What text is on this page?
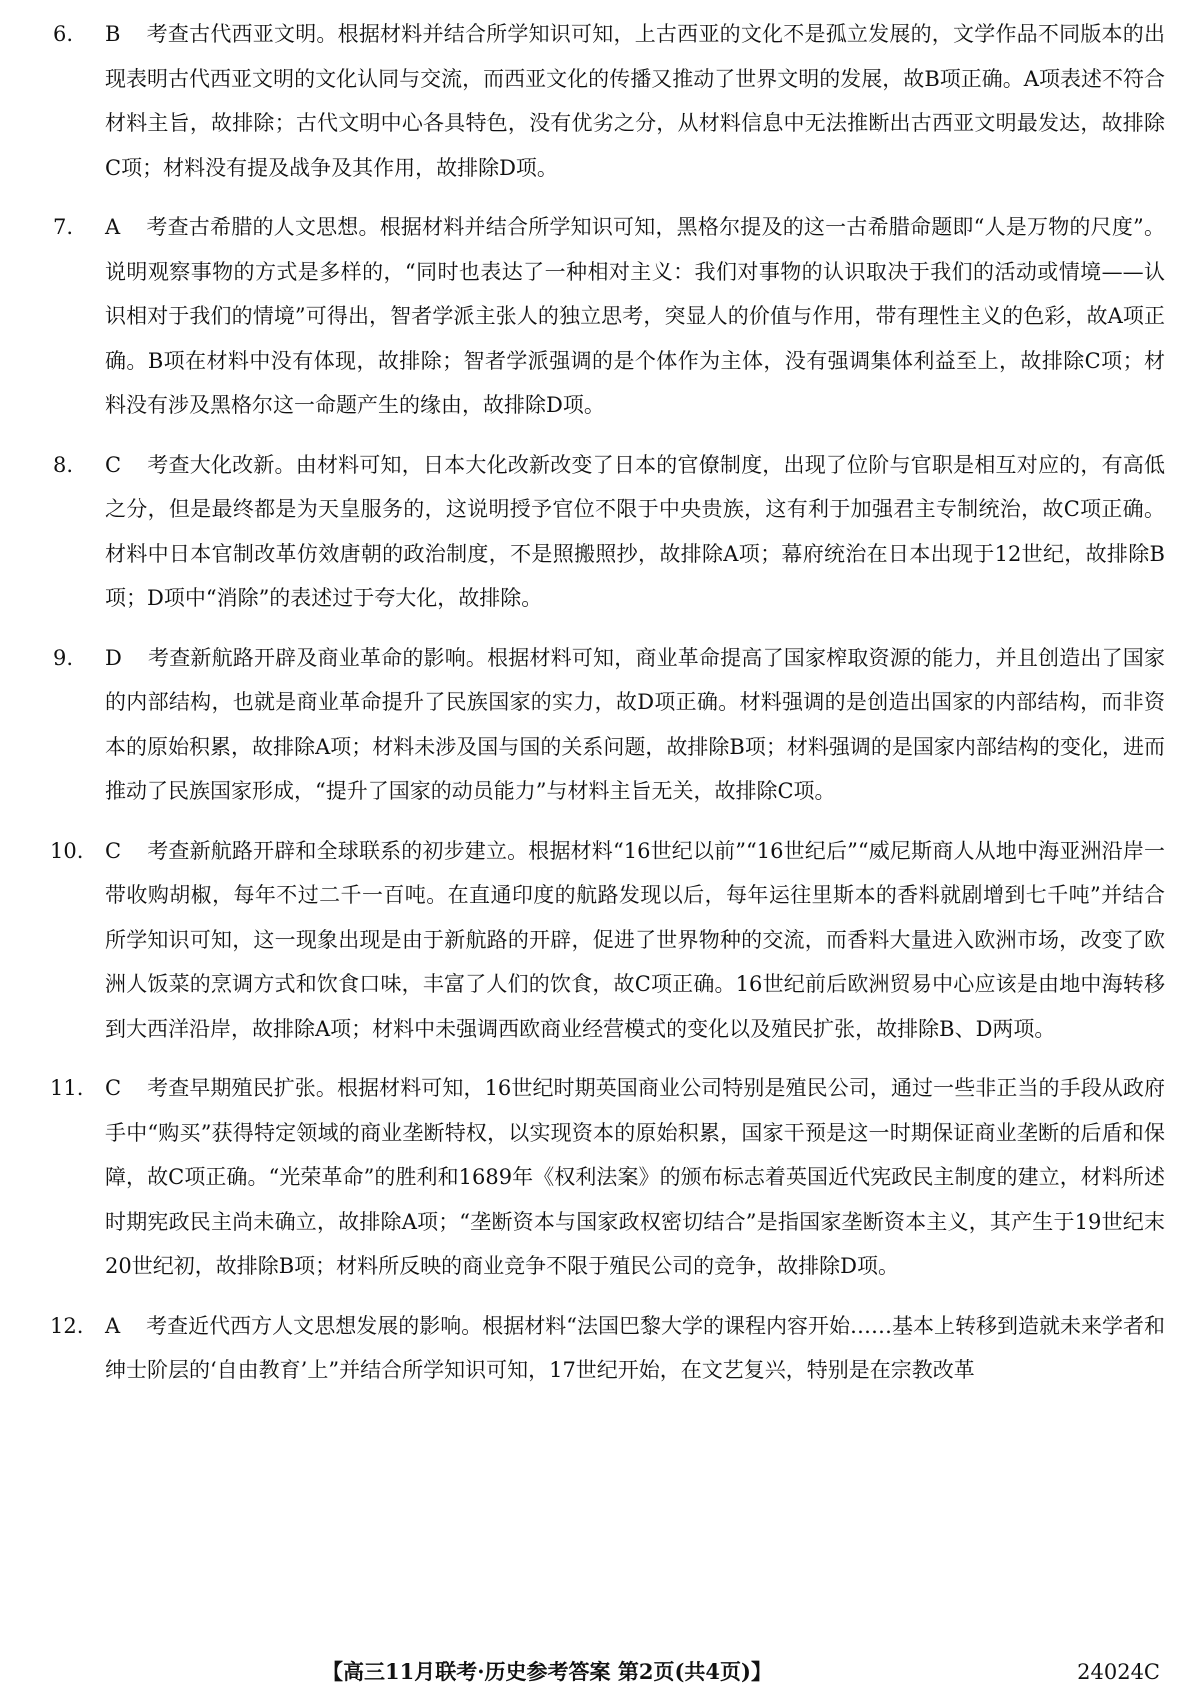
6. B 考查古代西亚文明。根据材料并结合所学知识可知，上古西亚的文化不是孤立发展的，文学作品不同版本的出现表明古代西亚文明的文化认同与交流，而西亚文化的传播又推动了世界文明的发展，故B项正确。A项表述不符合材料主旨，故排除；古代文明中心各具特色，没有优劣之分，从材料信息中无法推断出古西亚文明最发达，故排除C项；材料没有提及战争及其作用，故排除D项。
7. A 考查古希腊的人文思想。根据材料并结合所学知识可知，黑格尔提及的这一古希腊命题即“人是万物的尺度”。说明观察事物的方式是多样的，“同时也表达了一种相对主义：我们对事物的认识取决于我们的活动或情境——认识相对于我们的情境”可得出，智者学派主张人的独立思考，突显人的价值与作用，带有理性主义的色彩，故A项正确。B项在材料中没有体现，故排除；智者学派强调的是个体作为主体，没有强调集体利益至上，故排除C项；材料没有涉及黑格尔这一命题产生的缘由，故排除D项。
8. C 考查大化改新。由材料可知，日本大化改新改变了日本的官僚制度，出现了位阶与官职是相互对应的，有高低之分，但是最终都是为天皇服务的，这说明授予官位不限于中央贵族，这有利于加强君主专制统治，故C项正确。材料中日本官制改革仿效唐朝的政治制度，不是照搬照抄，故排除A项；幕府统治在日本出现于12世纪，故排除B项；D项中“消除”的表述过于夸大化，故排除。
9. D 考查新航路开辟及商业革命的影响。根据材料可知，商业革命提高了国家榨取资源的能力，并且创造出了国家的内部结构，也就是商业革命提升了民族国家的实力，故D项正确。材料强调的是创造出国家的内部结构，而非资本的原始积累，故排除A项；材料未涉及国与国的关系问题，故排除B项；材料强调的是国家内部结构的变化，进而推动了民族国家形成，“提升了国家的动员能力”与材料主旨无关，故排除C项。
10. C 考查新航路开辟和全球联系的初步建立。根据材料“16世纪以前”“16世纪后”“威尼斯商人从地中海亚洲沿岸一带收购胡椒，每年不过二千一百吨。在直通印度的航路发现以后，每年运往里斯本的香料就剧增到七千吨”并结合所学知识可知，这一现象出现是由于新航路的开辟，促进了世界物种的交流，而香料大量进入欧洲市场，改变了欧洲人饭菜的烹调方式和饮食口味，丰富了人们的饮食，故C项正确。16世纪前后欧洲贸易中心应该是由地中海转移到大西洋沿岸，故排除A项；材料中未强调西欧商业经营模式的变化以及殖民扩张，故排除B、D两项。
11. C 考查早期殖民扩张。根据材料可知，16世纪时期英国商业公司特别是殖民公司，通过一些非正当的手段从政府手中“购买”获得特定领域的商业垄断特权，以实现资本的原始积累，国家干预是这一时期保证商业垄断的后盾和保障，故C项正确。“光荣革命”的胜利和1689年《权利法案》的颁布标志着英国近代宪政民主制度的建立，材料所述时期宪政民主尚未确立，故排除A项；“垄断资本与国家政权密切结合”是指国家垄断资本主义，其产生于19世纪末20世纪初，故排除B项；材料所反映的商业竞争不限于殖民公司的竞争，故排除D项。
12. A 考查近代西方人文思想发展的影响。根据材料“法国巴黎大学的课程内容开始……基本上转移到造就未来学者和绅士阶层的‘自由教育’上”并结合所学知识可知，17世纪开始，在文艺复兴，特别是在宗教改革
【高三11月联考·历史参考答案 第2页(共4页)】	24024C
